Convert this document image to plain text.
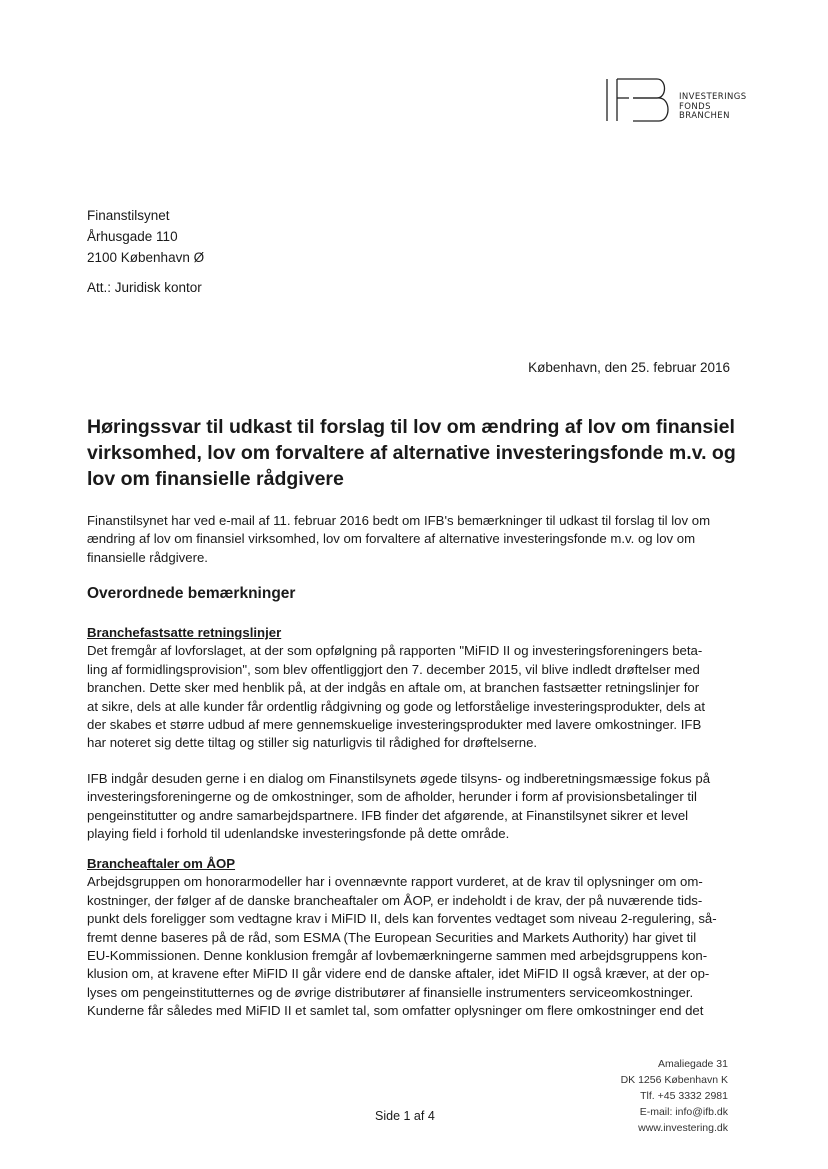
INVESTERINGS
FONDS
BRANCHEN
Finanstilsynet
Århusgade 110
2100 København Ø
Att.: Juridisk kontor
København, den 25. februar 2016
Høringssvar til udkast til forslag til lov om ændring af lov om finansiel virksomhed, lov om forvaltere af alternative investeringsfonde m.v. og lov om finansielle rådgivere
Finanstilsynet har ved e-mail af 11. februar 2016 bedt om IFB's bemærkninger til udkast til forslag til lov om
ændring af lov om finansiel virksomhed, lov om forvaltere af alternative investeringsfonde m.v. og lov om
finansielle rådgivere.
Overordnede bemærkninger
Branchefastsatte retningslinjer
Det fremgår af lovforslaget, at der som opfølgning på rapporten "MiFID II og investeringsforeningers beta-
ling af formidlingsprovision", som blev offentliggjort den 7. december 2015, vil blive indledt drøftelser med
branchen. Dette sker med henblik på, at der indgås en aftale om, at branchen fastsætter retningslinjer for
at sikre, dels at alle kunder får ordentlig rådgivning og gode og letforståelige investeringsprodukter, dels at
der skabes et større udbud af mere gennemskuelige investeringsprodukter med lavere omkostninger. IFB
har noteret sig dette tiltag og stiller sig naturligvis til rådighed for drøftelserne.
IFB indgår desuden gerne i en dialog om Finanstilsynets øgede tilsyns- og indberetningsmæssige fokus på
investeringsforeningerne og de omkostninger, som de afholder, herunder i form af provisionsbetalinger til
pengeinstitutter og andre samarbejdspartnere. IFB finder det afgørende, at Finanstilsynet sikrer et level
playing field i forhold til udenlandske investeringsfonde på dette område.
Brancheaftaler om ÅOP
Arbejdsgruppen om honorarmodeller har i ovennævnte rapport vurderet, at de krav til oplysninger om om-
kostninger, der følger af de danske brancheaftaler om ÅOP, er indeholdt i de krav, der på nuværende tids-
punkt dels foreligger som vedtagne krav i MiFID II, dels kan forventes vedtaget som niveau 2-regulering, så-
fremt denne baseres på de råd, som ESMA (The European Securities and Markets Authority) har givet til
EU-Kommissionen. Denne konklusion fremgår af lovbemærkningerne sammen med arbejdsgruppens kon-
klusion om, at kravene efter MiFID II går videre end de danske aftaler, idet MiFID II også kræver, at der op-
lyses om pengeinstitutternes og de øvrige distributører af finansielle instrumenters serviceomkostninger.
Kunderne får således med MiFID II et samlet tal, som omfatter oplysninger om flere omkostninger end det
Side 1 af 4
Amaliegade 31
DK 1256 København K
Tlf. +45 3332 2981
E-mail: info@ifb.dk
www.investering.dk
